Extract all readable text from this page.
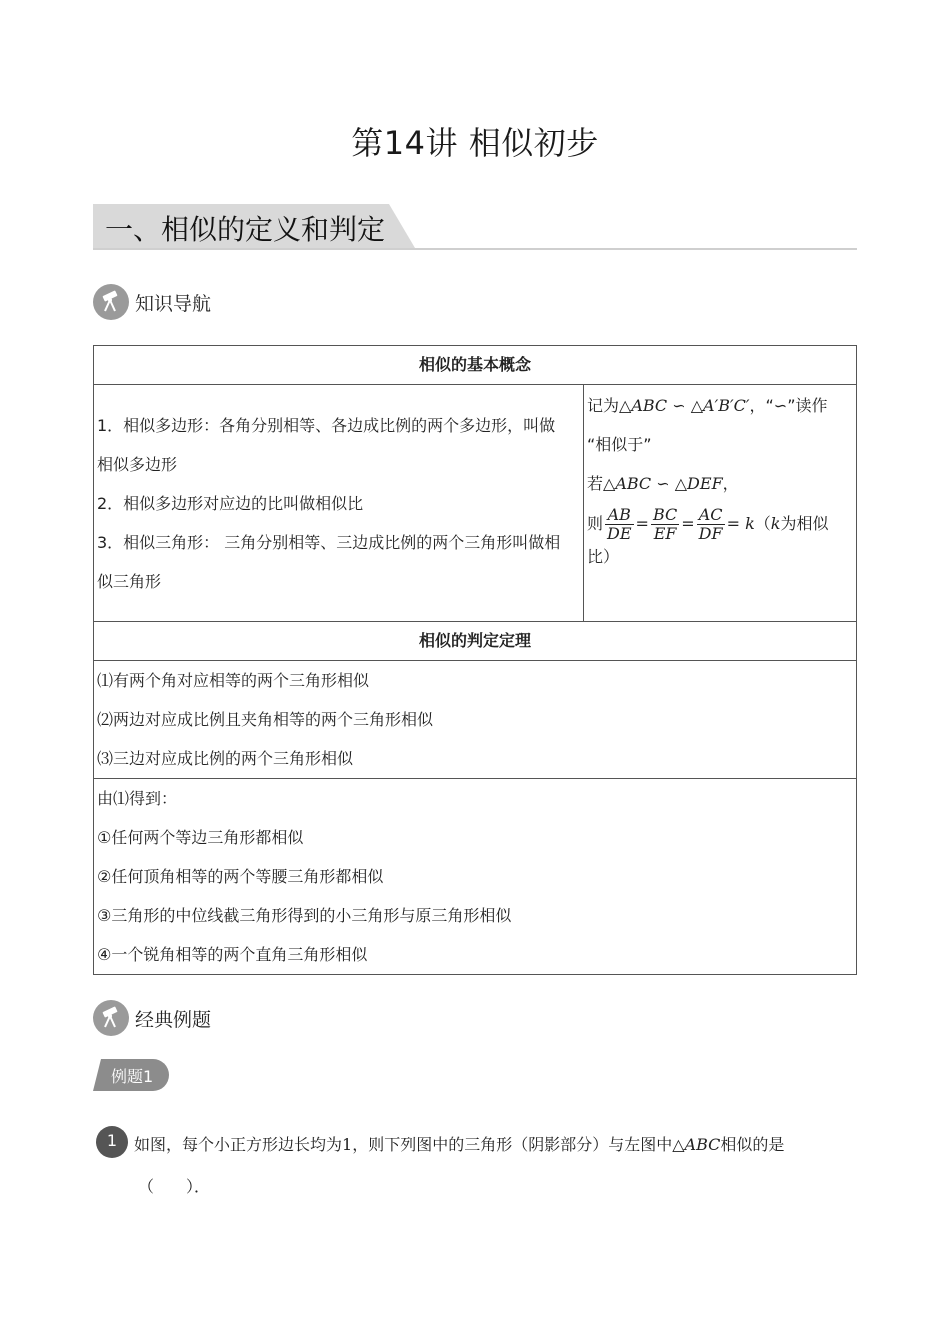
第14讲 相似初步
一、相似的定义和判定
知识导航
相似的基本概念

1．相似多边形：各角分别相等、各边成比例的两个多边形，叫做
相似多边形
2．相似多边形对应边的比叫做相似比
3．相似三角形： 三角分别相等、三边成比例的两个三角形叫做相
似三角形

记为△ABC ∽ △A′B′C′，“∽”读作
“相似于”
若△ABC ∽ △DEF，
则 $\frac{AB}{DE} = \frac{BC}{EF} = \frac{AC}{DF} = k(k$为相似
比）

相似的判定定理

⑴有两个角对应相等的两个三角形相似
⑵两边对应成比例且夹角相等的两个三角形相似
⑶三边对应成比例的两个三角形相似

由⑴得到：
①任何两个等边三角形都相似
②任何顶角相等的两个等腰三角形都相似
③三角形的中位线截三角形得到的小三角形与原三角形相似
④一个锐角相等的两个直角三角形相似
经典例题
例题1
1	如图，每个小正方形边长均为1，则下列图中的三角形（阴影部分）与左图中△ABC相似的是
（　　）．
